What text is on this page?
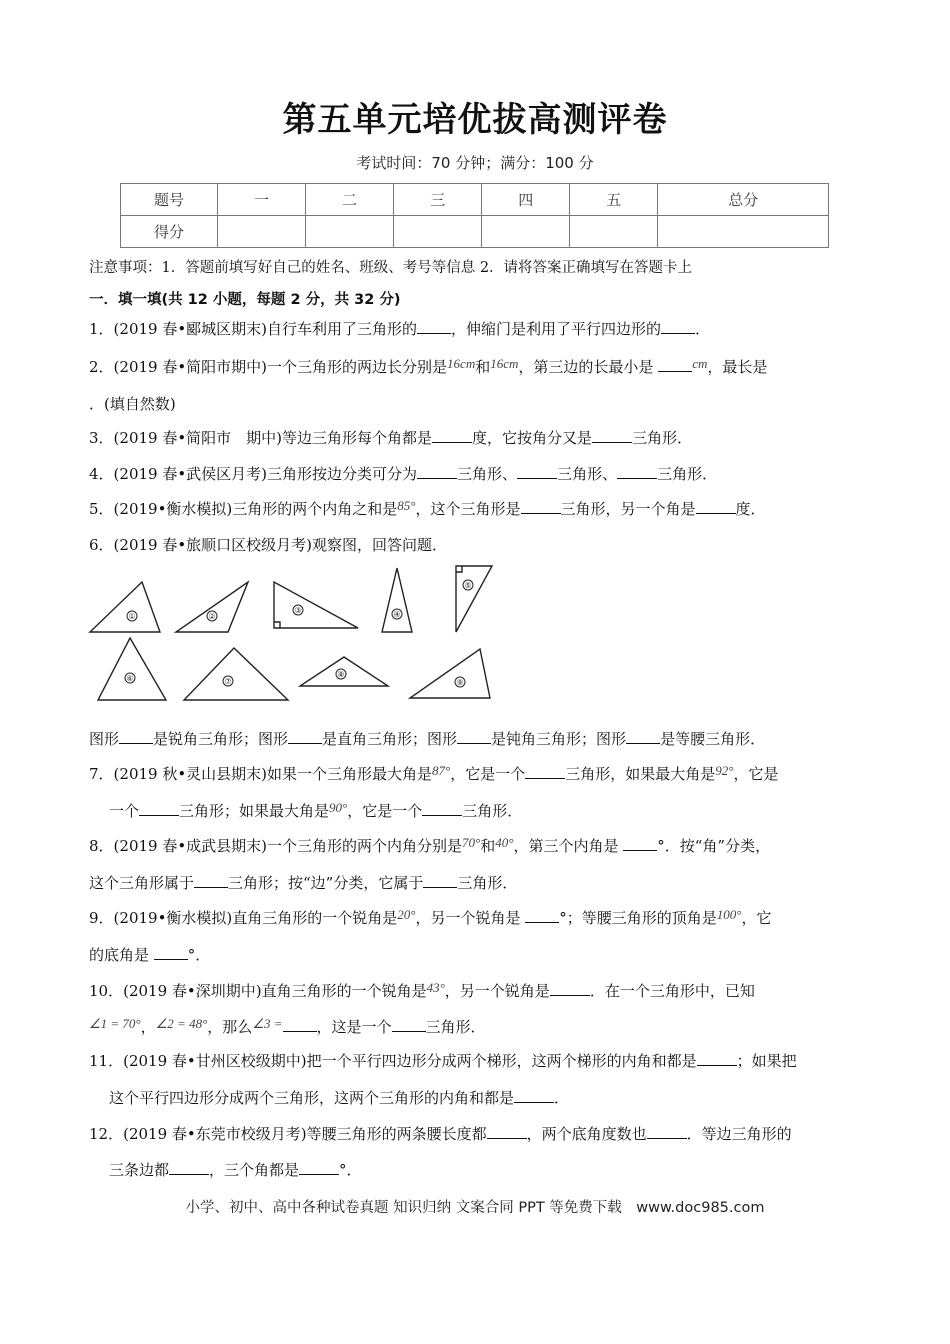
第五单元培优拔高测评卷
考试时间：70 分钟；满分：100 分
题号	一	二	三	四	五	总分
得分						
注意事项：1．答题前填写好自己的姓名、班级、考号等信息 2．请将答案正确填写在答题卡上
一．填一填(共 12 小题，每题 2 分，共 32 分)
1．(2019 春•郾城区期末)自行车利用了三角形的 ，伸缩门是利用了平行四边形的 ．
2．(2019 春•简阳市期中)一个三角形的两边长分别是16cm和16cm，第三边的长最小是	cm，最长是
．(填自然数)
3．(2019 春•简阳市　期中)等边三角形每个角都是	度，它按角分又是	三角形．
4．(2019 春•武侯区月考)三角形按边分类可分为	三角形、	三角形、	三角形．
5．(2019•衡水模拟)三角形的两个内角之和是85°，这个三角形是	三角形，另一个角是	度．
6．(2019 春•旅顺口区校级月考)观察图，回答问题．
①	②
③	④
⑤
⑥	⑦
⑧
⑨
图形 是锐角三角形；图形 是直角三角形；图形 是钝角三角形；图形 是等腰三角形．
7．(2019 秋•灵山县期末)如果一个三角形最大角是87°，它是一个	三角形，如果最大角是92°，它是
一个	三角形；如果最大角是90°，它是一个	三角形．
8．(2019 春•成武县期末)一个三角形的两个内角分别是70°和40°，第三个内角是 °．按“角”分类，
这个三角形属于 三角形；按“边”分类，它属于 三角形．
9．(2019•衡水模拟)直角三角形的一个锐角是20°，另一个锐角是 °；等腰三角形的顶角是100°，它
的底角是 °．
10．(2019 春•深圳期中)直角三角形的一个锐角是43°，另一个锐角是	．在一个三角形中，已知
∠1 = 70°，∠2 = 48°，那么∠3 = ，这是一个 三角形．
11．(2019 春•甘州区校级期中)把一个平行四边形分成两个梯形，这两个梯形的内角和都是	；如果把
这个平行四边形分成两个三角形，这两个三角形的内角和都是	．
12．(2019 春•东莞市校级月考)等腰三角形的两条腰长度都	，两个底角度数也	．等边三角形的
三条边都	，三个角都是	°．
小学、初中、高中各种试卷真题 知识归纳 文案合同 PPT 等免费下载　www.doc985.com
